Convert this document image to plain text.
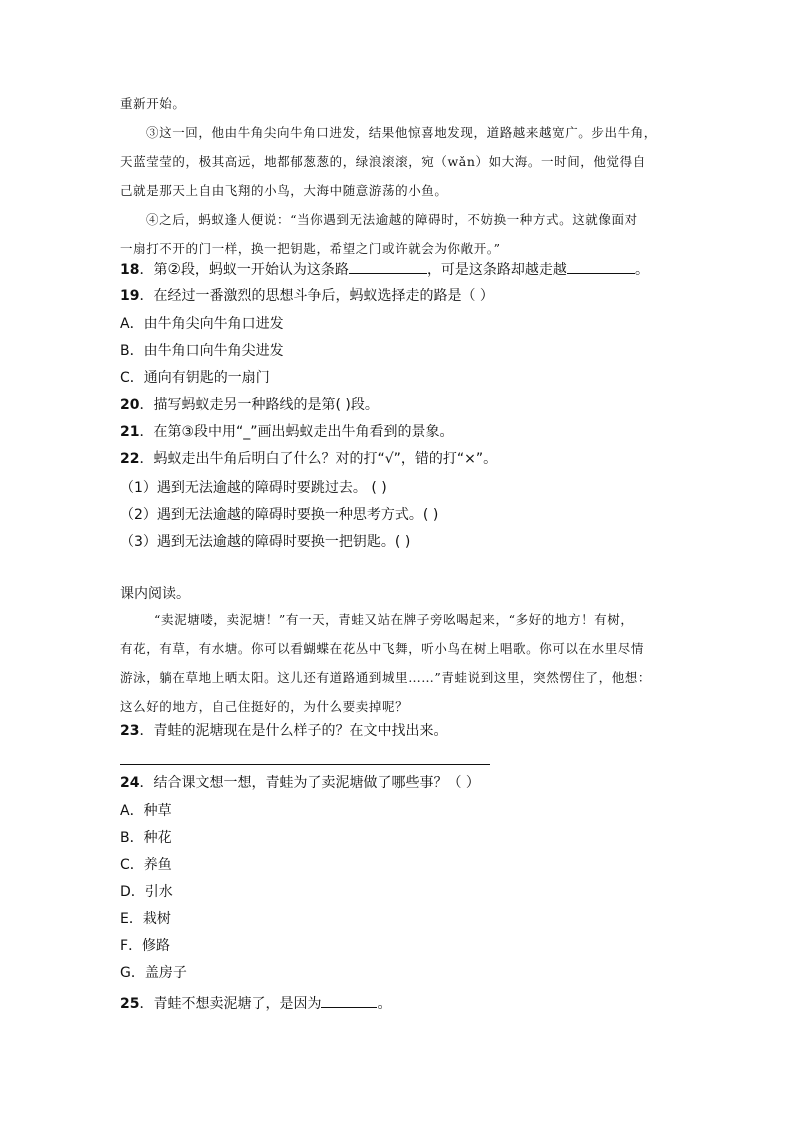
重新开始。
③这一回，他由牛角尖向牛角口进发，结果他惊喜地发现，道路越来越宽广。步出牛角，
天蓝莹莹的，极其高远，地都郁葱葱的，绿浪滚滚，宛（wǎn）如大海。一时间，他觉得自
己就是那天上自由飞翔的小鸟，大海中随意游荡的小鱼。
④之后，蚂蚁逢人便说：“当你遇到无法逾越的障碍时，不妨换一种方式。这就像面对
一扇打不开的门一样，换一把钥匙，希望之门或许就会为你敞开。”
18．第②段，蚂蚁一开始认为这条路	，可是这条路却越走越	。
19．在经过一番激烈的思想斗争后，蚂蚁选择走的路是（ ）
A．由牛角尖向牛角口进发
B．由牛角口向牛角尖进发
C．通向有钥匙的一扇门
20．描写蚂蚁走另一种路线的是第( )段。
21．在第③段中用“_”画出蚂蚁走出牛角看到的景象。
22．蚂蚁走出牛角后明白了什么？对的打“√”，错的打“×”。
（1）遇到无法逾越的障碍时要跳过去。 ( )
（2）遇到无法逾越的障碍时要换一种思考方式。( )
（3）遇到无法逾越的障碍时要换一把钥匙。( )
课内阅读。
“卖泥塘喽，卖泥塘！”有一天，青蛙又站在牌子旁吆喝起来，“多好的地方！有树，
有花，有草，有水塘。你可以看蝴蝶在花丛中飞舞，听小鸟在树上唱歌。你可以在水里尽情
游泳，躺在草地上晒太阳。这儿还有道路通到城里……”青蛙说到这里，突然愣住了，他想：
这么好的地方，自己住挺好的，为什么要卖掉呢？
23．青蛙的泥塘现在是什么样子的？在文中找出来。
24．结合课文想一想，青蛙为了卖泥塘做了哪些事？（ ）
A．种草
B．种花
C．养鱼
D．引水
E．栽树
F．修路
G．盖房子
25．青蛙不想卖泥塘了，是因为	。
